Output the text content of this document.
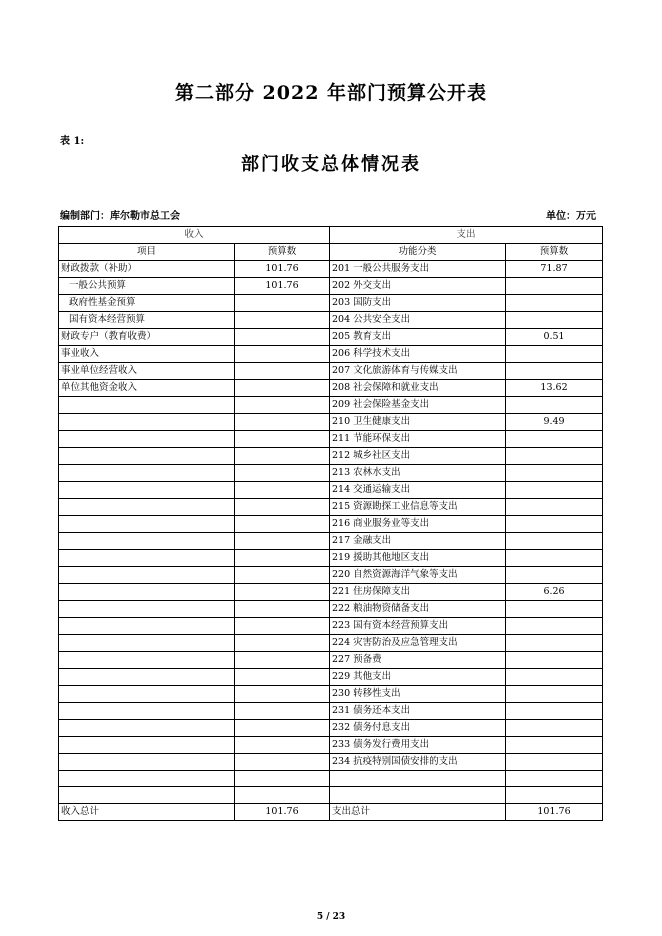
第二部分 2022 年部门预算公开表
表 1:
部门收支总体情况表
编制部门：库尔勒市总工会	单位：万元
收入		支出	
项目	预算数	功能分类	预算数
财政拨款（补助）	101.76	201 一般公共服务支出	71.87
一般公共预算	101.76	202 外交支出	
政府性基金预算		203 国防支出	
国有资本经营预算		204 公共安全支出	
财政专户（教育收费）		205 教育支出	0.51
事业收入		206 科学技术支出	
事业单位经营收入		207 文化旅游体育与传媒支出	
单位其他资金收入		208 社会保障和就业支出	13.62
		209 社会保险基金支出	
		210 卫生健康支出	9.49
		211 节能环保支出	
		212 城乡社区支出	
		213 农林水支出	
		214 交通运输支出	
		215 资源勘探工业信息等支出	
		216 商业服务业等支出	
		217 金融支出	
		219 援助其他地区支出	
		220 自然资源海洋气象等支出	
		221 住房保障支出	6.26
		222 粮油物资储备支出	
		223 国有资本经营预算支出	
		224 灾害防治及应急管理支出	
		227 预备费	
		229 其他支出	
		230 转移性支出	
		231 债务还本支出	
		232 债务付息支出	
		233 债务发行费用支出	
		234 抗疫特别国债安排的支出	

收入总计	101.76	支出总计	101.76
5 / 23
